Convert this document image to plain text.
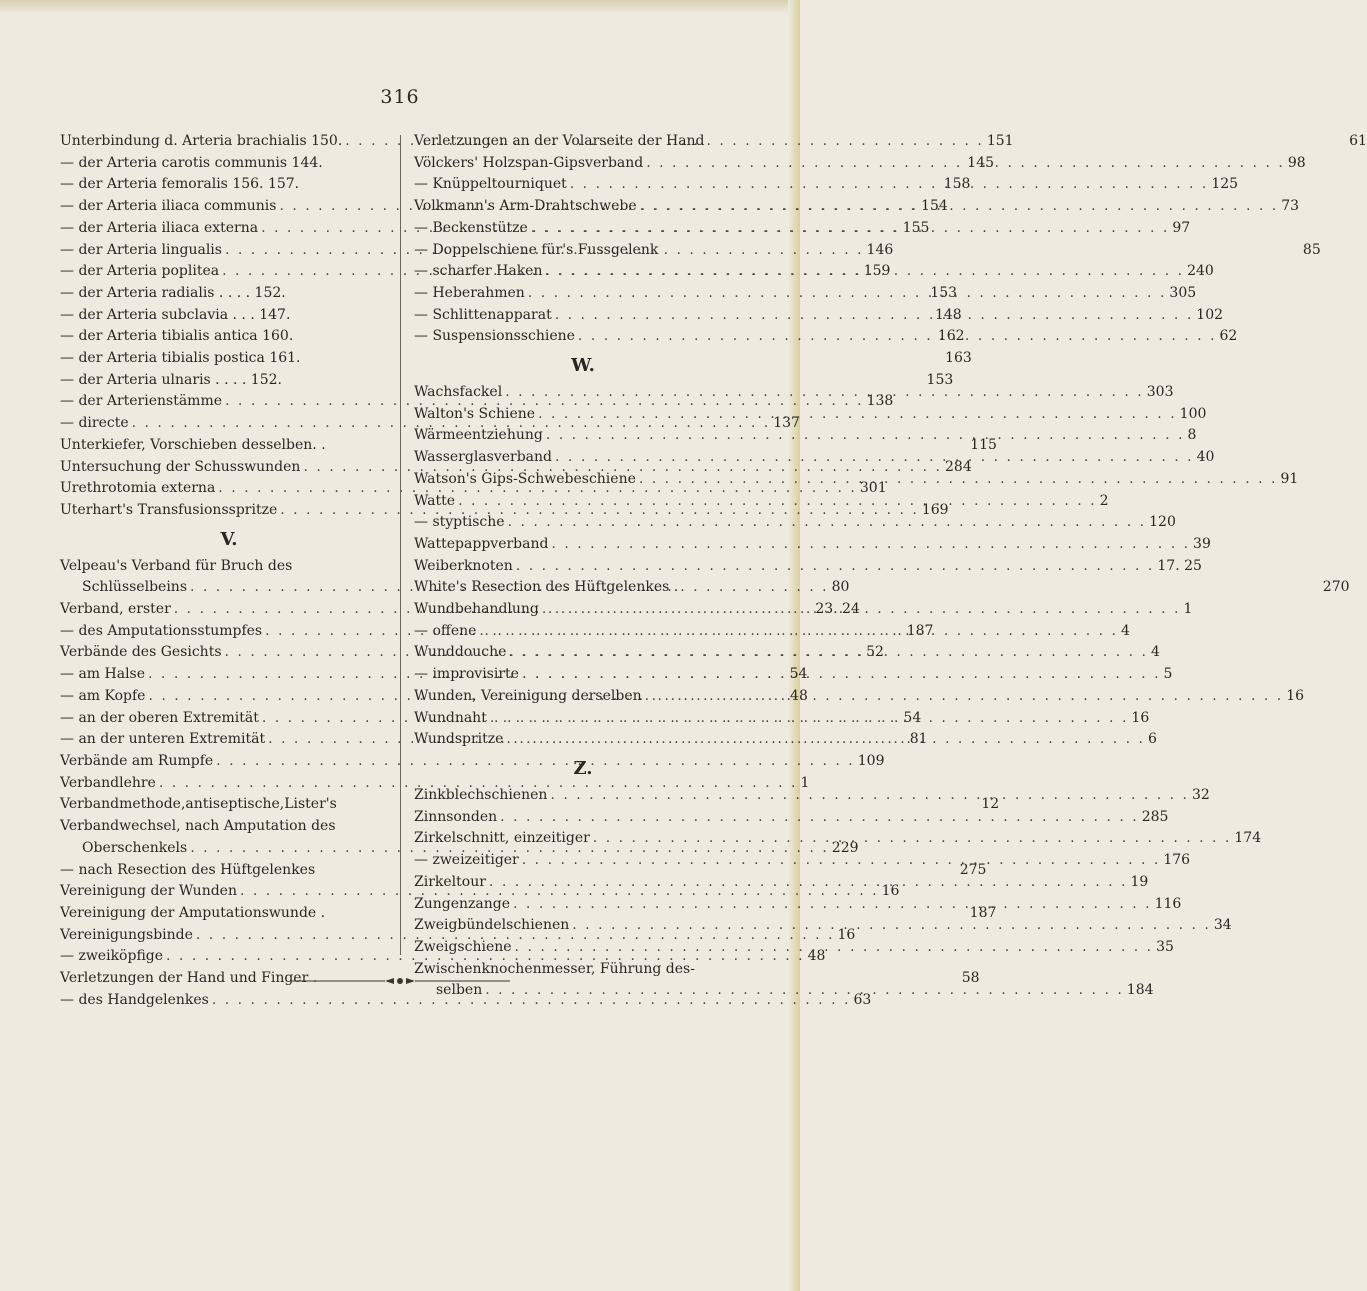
316
Unterbindung d. Arteria brachialis 150. . . .	151
— der Arteria carotis communis 144.	145
— der Arteria femoralis 156. 157.	158
— der Arteria iliaca communis . . .	154
— der Arteria iliaca externa . . .	155
— der Arteria lingualis . . .	146
— der Arteria poplitea . . .	159
— der Arteria radialis . . . . 152.	153
— der Arteria subclavia . . . 147.	148
— der Arteria tibialis antica 160.	162
— der Arteria tibialis postica 161.	163
— der Arteria ulnaris . . . . 152.	153
— der Arterienstämme . . .	138
— directe . . .	137
Unterkiefer, Vorschieben desselben. .	115
Untersuchung der Schusswunden . . .	284
Urethrotomia externa . . .	301
Uterhart's Transfusionsspritze . . .	169
V.
Velpeau's Verband für Bruch des
Schlüsselbeins . . .	80
Verband, erster . . .	23. 24
— des Amputationsstumpfes . . .	187
Verbände des Gesichts . . .	52
— am Halse . . .	54
— am Kopfe . . .	48
— an der oberen Extremität . . .	54
— an der unteren Extremität . . .	81
Verbände am Rumpfe . . .	109
Verbandlehre . . .	1
Verbandmethode,antiseptische,Lister's	12
Verbandwechsel, nach Amputation des
Oberschenkels . . .	229
— nach Resection des Hüftgelenkes	275
Vereinigung der Wunden . . .	16
Vereinigung der Amputationswunde .	187
Vereinigungsbinde . . .	16
— zweiköpfige . . .	48
Verletzungen der Hand und Finger .	58
— des Handgelenkes . . .	63
Verletzungen an der Volarseite der Hand	61
Völckers' Holzspan-Gipsverband . . .	98
— Knüppeltourniquet . . .	125
Volkmann's Arm-Drahtschwebe . . .	73
— Beckenstütze . . .	97
— Doppelschiene für's Fussgelenk	85
— scharfer Haken . . .	240
— Heberahmen . . .	305
— Schlittenapparat . . .	102
— Suspensionsschiene . . .	62
W.
Wachsfackel . . .	303
Walton's Schiene . . .	100
Wärmeentziehung . . .	8
Wasserglasverband . . .	40
Watson's Gips-Schwebeschiene . . .	91
Watte . . .	2
— styptische . . .	120
Wattepappverband . . .	39
Weiberknoten . . .	17. 25
White's Resection des Hüftgelenkes .	270
Wundbehandlung . . .	1
— offene . . .	4
Wunddouche . . .	4
— improvisirte . . .	5
Wunden, Vereinigung derselben . . .	16
Wundnaht . . .	16
Wundspritze . . .	6
Z.
Zinkblechschienen . . .	32
Zinnsonden . . .	285
Zirkelschnitt, einzeitiger . . .	174
— zweizeitiger . . .	176
Zirkeltour . . .	19
Zungenzange . . .	116
Zweigbündelschienen . . .	34
Zweigschiene . . .	35
Zwischenknochenmesser, Führung des-
selben . . .	184
